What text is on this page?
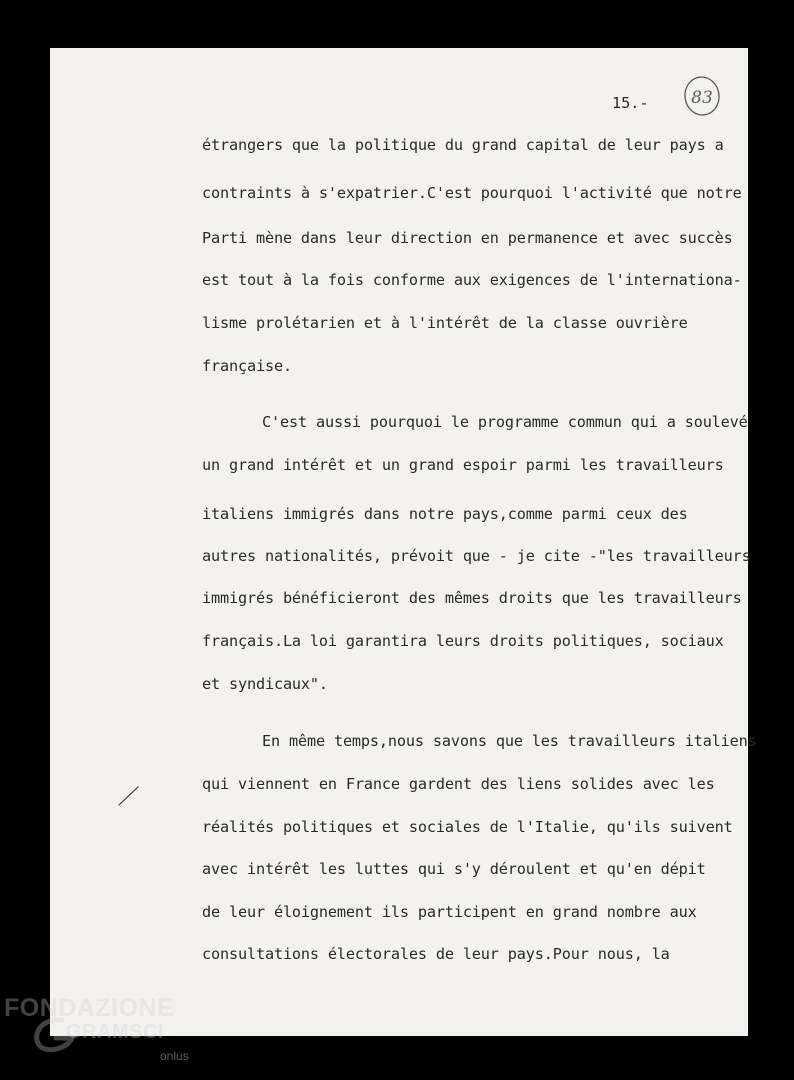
15.-	83
étrangers que la politique du grand capital de leur pays a
contraints à s'expatrier.C'est pourquoi l'activité que notre
Parti mène dans leur direction en permanence et avec succès
est tout à la fois conforme aux exigences de l'internationa-
lisme prolétarien et à l'intérêt de la classe ouvrière
française.
C'est aussi pourquoi le programme commun qui a soulevé
un grand intérêt et un grand espoir parmi les travailleurs
italiens immigrés dans notre pays,comme parmi ceux des
autres nationalités, prévoit que - je cite -"les travailleurs
immigrés bénéficieront des mêmes droits que les travailleurs
français.La loi garantira leurs droits politiques, sociaux
et syndicaux".
En même temps,nous savons que les travailleurs italiens
qui viennent en France gardent des liens solides avec les
réalités politiques et sociales de l'Italie, qu'ils suivent
avec intérêt les luttes qui s'y déroulent et qu'en dépit
de leur éloignement ils participent en grand nombre aux
consultations électorales de leur pays.Pour nous, la
FONDAZIONE
GRAMSCI
onlus
